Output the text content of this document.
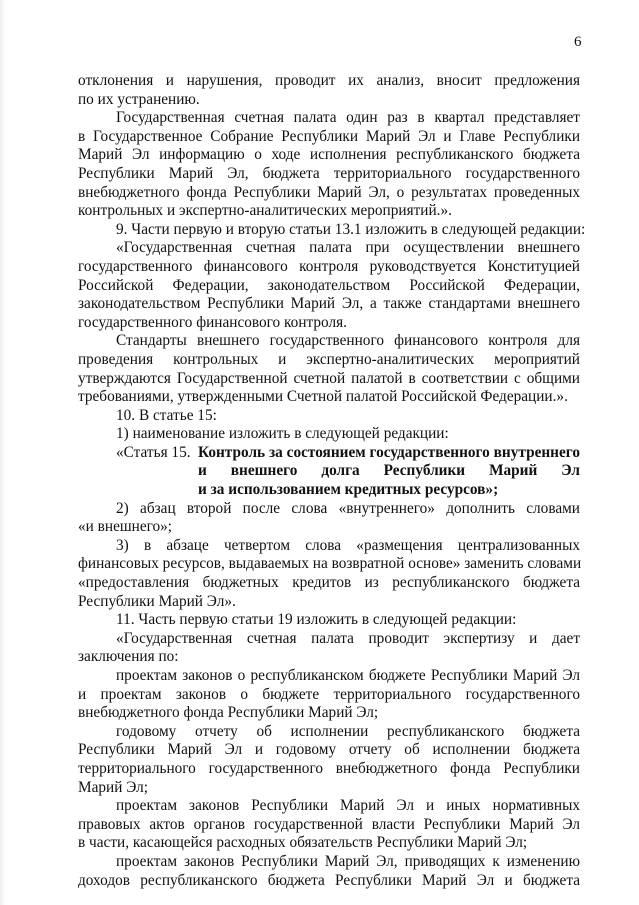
6
отклонения и нарушения, проводит их анализ, вносит предложения
по их устранению.
Государственная счетная палата один раз в квартал представляет
в Государственное Собрание Республики Марий Эл и Главе Республики
Марий Эл информацию о ходе исполнения республиканского бюджета
Республики Марий Эл, бюджета территориального государственного
внебюджетного фонда Республики Марий Эл, о результатах проведенных
контрольных и экспертно-аналитических мероприятий.».
9. Части первую и вторую статьи 13.1 изложить в следующей редакции:
«Государственная счетная палата при осуществлении внешнего
государственного финансового контроля руководствуется Конституцией
Российской Федерации, законодательством Российской Федерации,
законодательством Республики Марий Эл, а также стандартами внешнего
государственного финансового контроля.
Стандарты внешнего государственного финансового контроля для
проведения контрольных и экспертно-аналитических мероприятий
утверждаются Государственной счетной палатой в соответствии с общими
требованиями, утвержденными Счетной палатой Российской Федерации.».
10. В статье 15:
1) наименование изложить в следующей редакции:
«Статья 15. Контроль за состоянием государственного внутреннего
и внешнего долга Республики Марий Эл
и за использованием кредитных ресурсов»;
2) абзац второй после слова «внутреннего» дополнить словами
«и внешнего»;
3) в абзаце четвертом слова «размещения централизованных
финансовых ресурсов, выдаваемых на возвратной основе» заменить словами
«предоставления бюджетных кредитов из республиканского бюджета
Республики Марий Эл».
11. Часть первую статьи 19 изложить в следующей редакции:
«Государственная счетная палата проводит экспертизу и дает
заключения по:
проектам законов о республиканском бюджете Республики Марий Эл
и проектам законов о бюджете территориального государственного
внебюджетного фонда Республики Марий Эл;
годовому отчету об исполнении республиканского бюджета
Республики Марий Эл и годовому отчету об исполнении бюджета
территориального государственного внебюджетного фонда Республики
Марий Эл;
проектам законов Республики Марий Эл и иных нормативных
правовых актов органов государственной власти Республики Марий Эл
в части, касающейся расходных обязательств Республики Марий Эл;
проектам законов Республики Марий Эл, приводящих к изменению
доходов республиканского бюджета Республики Марий Эл и бюджета
